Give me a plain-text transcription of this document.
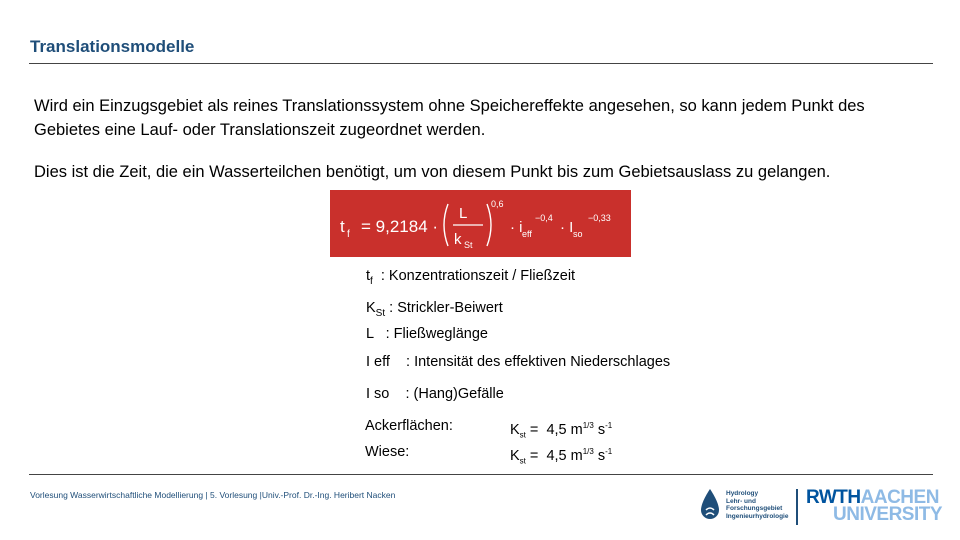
Translationsmodelle
Wird ein Einzugsgebiet als reines Translationssystem ohne Speichereffekte angesehen, so kann jedem Punkt des Gebietes eine Lauf- oder Translationszeit zugeordnet werden.
Dies ist die Zeit, die ein Wasserteilchen benötigt, um von diesem Punkt bis zum Gebietsauslass zu gelangen.
t f = 9,2184 ·
L
k St
0,6
· i eff
−0,4
· I so
−0,33
$t_f$  : Konzentrationszeit / Fließzeit
$K_{St}$ : Strickler-Beiwert
L   : Fließweglänge
I eff    : Intensität des effektiven Niederschlages
I so    : (Hang)Gefälle
Ackerflächen:	$K_{st} = 4,5$ $m^{1/3}$ $s^{-1}$
Wiese:	$K_{st} = 4,5$ $m^{1/3}$ $s^{-1}$
Vorlesung Wasserwirtschaftliche Modellierung | 5. Vorlesung |Univ.-Prof. Dr.-Ing. Heribert Nacken	Hydrology
Lehr- und
Forschungsgebiet
Ingenieurhydrologie
RWTHAACHEN
UNIVERSITY
